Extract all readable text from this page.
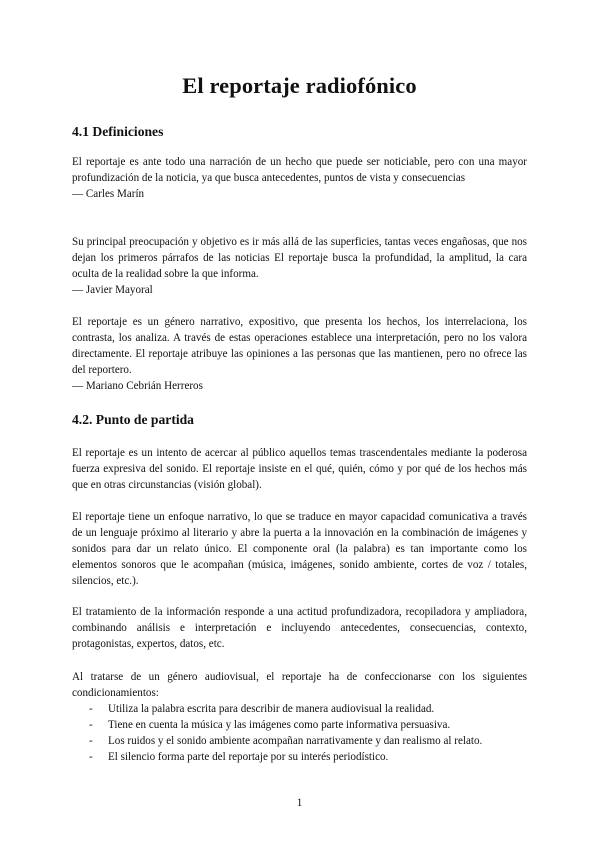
El reportaje radiofónico
4.1 Definiciones
El reportaje es ante todo una narración de un hecho que puede ser noticiable, pero con una mayor profundización de la noticia, ya que busca antecedentes, puntos de vista y consecuencias
— Carles Marín
Su principal preocupación y objetivo es ir más allá de las superficies, tantas veces engañosas, que nos dejan los primeros párrafos de las noticias El reportaje busca la profundidad, la amplitud, la cara oculta de la realidad sobre la que informa.
— Javier Mayoral
El reportaje es un género narrativo, expositivo, que presenta los hechos, los interrelaciona, los contrasta, los analiza. A través de estas operaciones establece una interpretación, pero no los valora directamente. El reportaje atribuye las opiniones a las personas que las mantienen, pero no ofrece las del reportero.
— Mariano Cebrián Herreros
4.2. Punto de partida

El reportaje es un intento de acercar al público aquellos temas trascendentales mediante la poderosa fuerza expresiva del sonido. El reportaje insiste en el qué, quién, cómo y por qué de los hechos más que en otras circunstancias (visión global).

El reportaje tiene un enfoque narrativo, lo que se traduce en mayor capacidad comunicativa a través de un lenguaje próximo al literario y abre la puerta a la innovación en la combinación de imágenes y sonidos para dar un relato único. El componente oral (la palabra) es tan importante como los elementos sonoros que le acompañan (música, imágenes, sonido ambiente, cortes de voz / totales, silencios, etc.).

El tratamiento de la información responde a una actitud profundizadora, recopiladora y ampliadora, combinando análisis e interpretación e incluyendo antecedentes, consecuencias, contexto, protagonistas, expertos, datos, etc.

Al tratarse de un género audiovisual, el reportaje ha de confeccionarse con los siguientes condicionamientos:

- Utiliza la palabra escrita para describir de manera audiovisual la realidad.
- Tiene en cuenta la música y las imágenes como parte informativa persuasiva.
- Los ruidos y el sonido ambiente acompañan narrativamente y dan realismo al relato.
- El silencio forma parte del reportaje por su interés periodístico.
1
